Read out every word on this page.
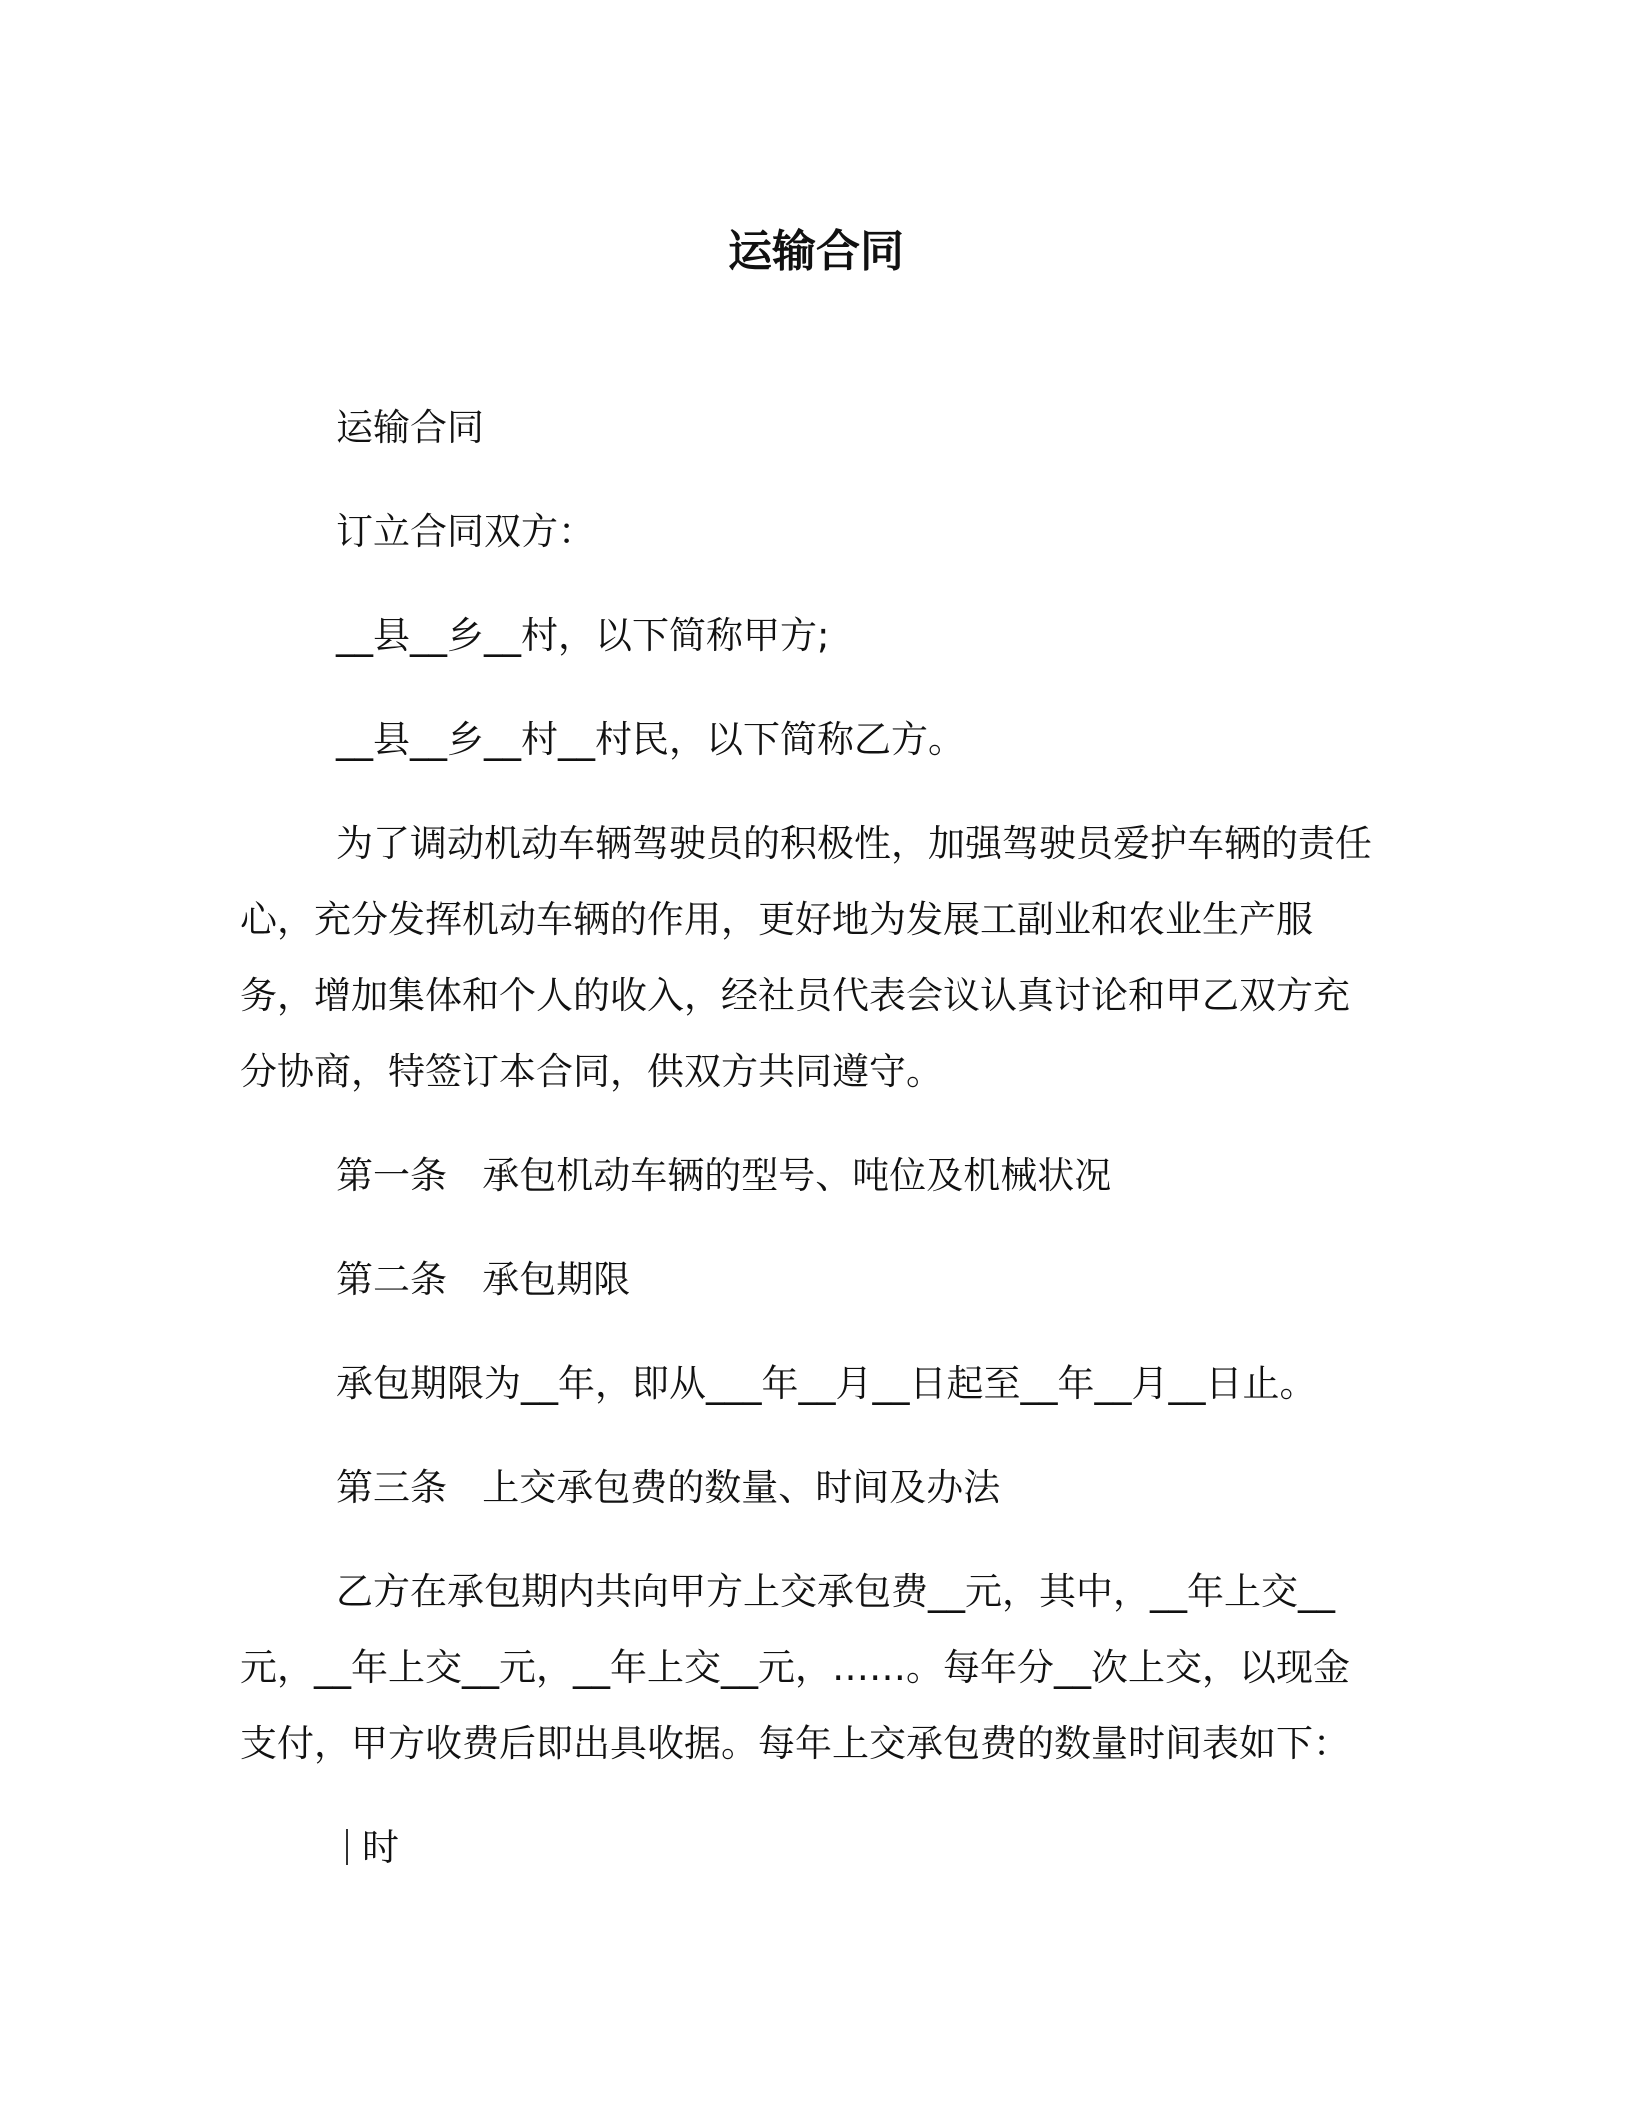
运输合同

运输合同

订立合同双方：

__县__乡__村，以下简称甲方;

__县__乡__村__村民，以下简称乙方。

为了调动机动车辆驾驶员的积极性，加强驾驶员爱护车辆的责任心，充分发挥机动车辆的作用，更好地为发展工副业和农业生产服务，增加集体和个人的收入，经社员代表会议认真讨论和甲乙双方充分协商，特签订本合同，供双方共同遵守。

第一条 承包机动车辆的型号、吨位及机械状况

第二条 承包期限

承包期限为__年，即从___年__月__日起至__年__月__日止。

第三条 上交承包费的数量、时间及办法

乙方在承包期内共向甲方上交承包费__元，其中，__年上交__元，__年上交__元，__年上交__元，……。每年分__次上交，以现金支付，甲方收费后即出具收据。每年上交承包费的数量时间表如下：

时
